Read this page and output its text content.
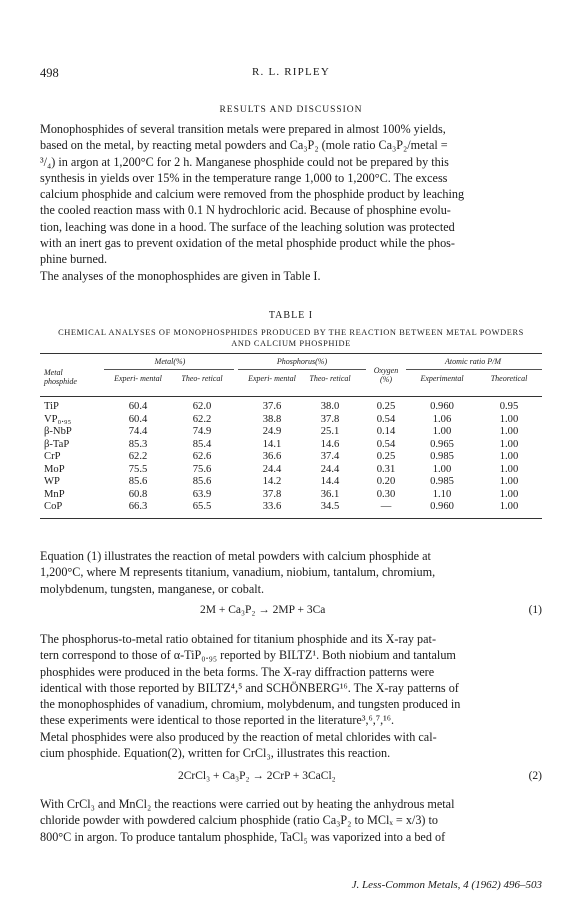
498	R. L. RIPLEY
RESULTS AND DISCUSSION

Monophosphides of several transition metals were prepared in almost 100% yields,
based on the metal, by reacting metal powders and Ca₃P₂ (mole ratio Ca₃P₂/metal =
³/₄) in argon at 1,200°C for 2 h. Manganese phosphide could not be prepared by this
synthesis in yields over 15% in the temperature range 1,000 to 1,200°C. The excess
calcium phosphide and calcium were removed from the phosphide product by leaching
the cooled reaction mass with 0.1 N hydrochloric acid. Because of phosphine evolu-
tion, leaching was done in a hood. The surface of the leaching solution was protected
with an inert gas to prevent oxidation of the metal phosphide product while the phos-
phine burned.
The analyses of the monophosphides are given in Table I.

TABLE I
CHEMICAL ANALYSES OF MONOPHOSPHIDES PRODUCED BY THE REACTION BETWEEN METAL POWDERS
AND CALCIUM PHOSPHIDE
Metal phosphide
Metal(%)	Phosphorus(%)
Oxygen (%)
Atomic ratio P/M
Experi- mental	Theo- retical	Experi- mental	Theo- retical	Experimental	Theoretical
TiP	60.4	62.0	37.6	38.0	0.25	0.960	0.95
VP₀.₉₅	60.4	62.2	38.8	37.8	0.54	1.06	1.00
β-NbP	74.4	74.9	24.9	25.1	0.14	1.00	1.00
β-TaP	85.3	85.4	14.1	14.6	0.54	0.965	1.00
CrP	62.2	62.6	36.6	37.4	0.25	0.985	1.00
MoP	75.5	75.6	24.4	24.4	0.31	1.00	1.00
WP	85.6	85.6	14.2	14.4	0.20	0.985	1.00
MnP	60.8	63.9	37.8	36.1	0.30	1.10	1.00
CoP	66.3	65.5	33.6	34.5	—	0.960	1.00

Equation (1) illustrates the reaction of metal powders with calcium phosphide at
1,200°C, where M represents titanium, vanadium, niobium, tantalum, chromium,
molybdenum, tungsten, manganese, or cobalt.

2M + Ca₃P₂ → 2MP + 3Ca	(1)

The phosphorus-to-metal ratio obtained for titanium phosphide and its X-ray pat-
tern correspond to those of α-TiP₀.₉₅ reported by BILTZ¹. Both niobium and tantalum
phosphides were produced in the beta forms. The X-ray diffraction patterns were
identical with those reported by BILTZ⁴,⁵ and SCHÖNBERG¹⁶. The X-ray patterns of
the monophosphides of vanadium, chromium, molybdenum, and tungsten produced in
these experiments were identical to those reported in the literature³,⁶,⁷,¹⁶.
Metal phosphides were also produced by the reaction of metal chlorides with cal-
cium phosphide. Equation(2), written for CrCl₃, illustrates this reaction.

2CrCl₃ + Ca₃P₂ → 2CrP + 3CaCl₂	(2)

With CrCl₃ and MnCl₂ the reactions were carried out by heating the anhydrous metal
chloride powder with powdered calcium phosphide (ratio Ca₃P₂ to MClₓ = x/3) to
800°C in argon. To produce tantalum phosphide, TaCl₅ was vaporized into a bed of

J. Less-Common Metals, 4 (1962) 496–503
